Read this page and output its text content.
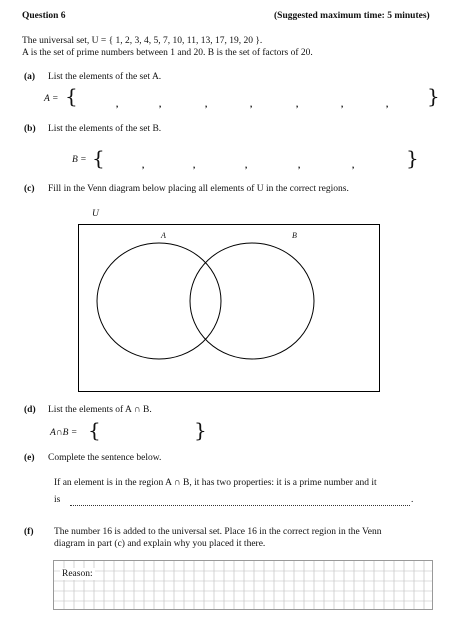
Question 6	(Suggested maximum time: 5 minutes)
The universal set, U = { 1, 2, 3, 4, 5, 7, 10, 11, 13, 17, 19, 20 }.
A is the set of prime numbers between 1 and 20. B is the set of factors of 20.
(a) List the elements of the set A.
A = {	,	,	,	,	,	,	, }
(b) List the elements of the set B.
B = {	,	,	,	,	,	}
(c) Fill in the Venn diagram below placing all elements of U in the correct regions.
U
A	B
(d) List the elements of A ∩ B.
A∩B = {	}
(e) Complete the sentence below.
If an element is in the region A ∩ B, it has two properties: it is a prime number and it
is	.
(f) The number 16 is added to the universal set. Place 16 in the correct region in the Venn
diagram in part (c) and explain why you placed it there.
Reason:
